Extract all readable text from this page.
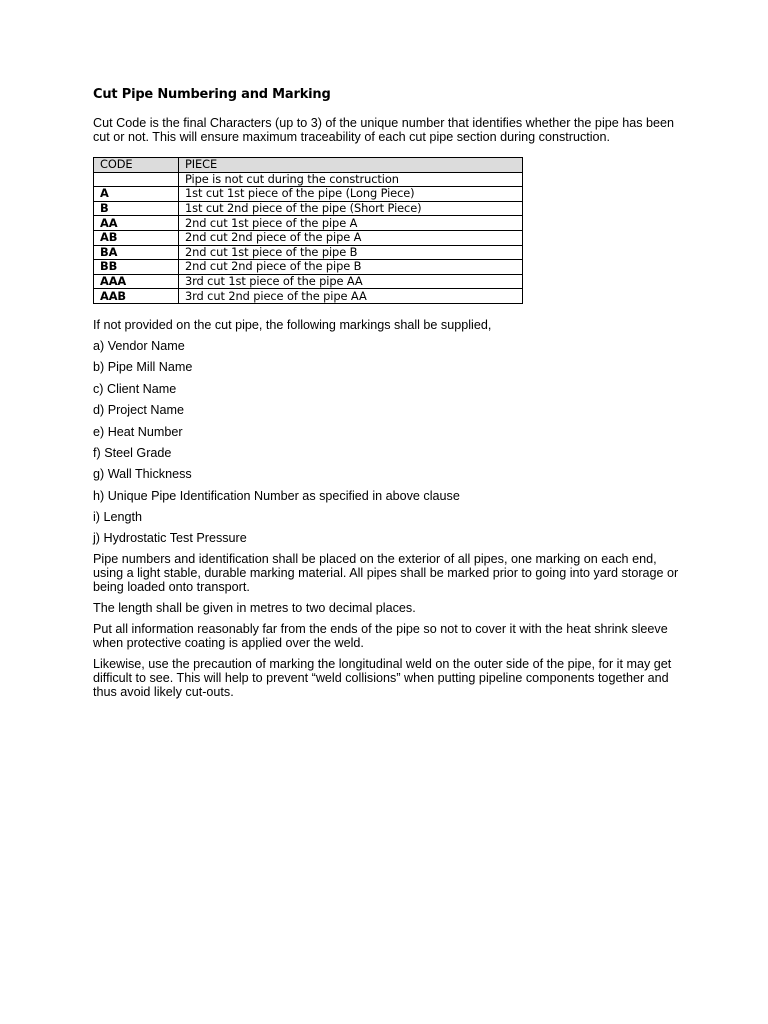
Cut Pipe Numbering and Marking

Cut Code is the final Characters (up to 3) of the unique number that identifies whether the pipe has been cut or not. This will ensure maximum traceability of each cut pipe section during construction.

CODE	PIECE
	Pipe is not cut during the construction
A	1st cut 1st piece of the pipe (Long Piece)
B	1st cut 2nd piece of the pipe (Short Piece)
AA	2nd cut 1st piece of the pipe A
AB	2nd cut 2nd piece of the pipe A
BA	2nd cut 1st piece of the pipe B
BB	2nd cut 2nd piece of the pipe B
AAA	3rd cut 1st piece of the pipe AA
AAB	3rd cut 2nd piece of the pipe AA

If not provided on the cut pipe, the following markings shall be supplied,

a) Vendor Name
b) Pipe Mill Name
c) Client Name
d) Project Name
e) Heat Number
f) Steel Grade
g) Wall Thickness
h) Unique Pipe Identification Number as specified in above clause
i) Length
j) Hydrostatic Test Pressure

Pipe numbers and identification shall be placed on the exterior of all pipes, one marking on each end, using a light stable, durable marking material. All pipes shall be marked prior to going into yard storage or being loaded onto transport.

The length shall be given in metres to two decimal places.

Put all information reasonably far from the ends of the pipe so not to cover it with the heat shrink sleeve when protective coating is applied over the weld.

Likewise, use the precaution of marking the longitudinal weld on the outer side of the pipe, for it may get difficult to see. This will help to prevent “weld collisions” when putting pipeline components together and thus avoid likely cut-outs.
